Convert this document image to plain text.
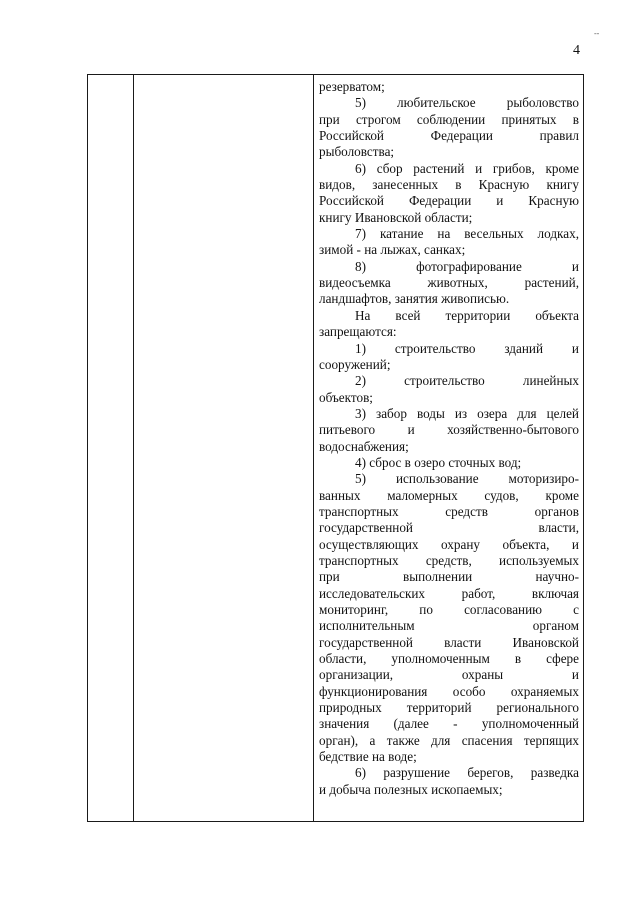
4
--
резерватом;
5) любительское рыболовство
при строгом соблюдении принятых в
Российской Федерации правил
рыболовства;
6) сбор растений и грибов, кроме
видов, занесенных в Красную книгу
Российской Федерации и Красную
книгу Ивановской области;
7) катание на весельных лодках,
зимой - на лыжах, санках;
8) фотографирование и
видеосъемка животных, растений,
ландшафтов, занятия живописью.
На всей территории объекта
запрещаются:
1) строительство зданий и
сооружений;
2) строительство линейных
объектов;
3) забор воды из озера для целей
питьевого и хозяйственно-бытового
водоснабжения;
4) сброс в озеро сточных вод;
5) использование моторизиро-
ванных маломерных судов, кроме
транспортных средств органов
государственной власти,
осуществляющих охрану объекта, и
транспортных средств, используемых
при выполнении научно-
исследовательских работ, включая
мониторинг, по согласованию с
исполнительным органом
государственной власти Ивановской
области, уполномоченным в сфере
организации, охраны и
функционирования особо охраняемых
природных территорий регионального
значения (далее - уполномоченный
орган), а также для спасения терпящих
бедствие на воде;
6) разрушение берегов, разведка
и добыча полезных ископаемых;
